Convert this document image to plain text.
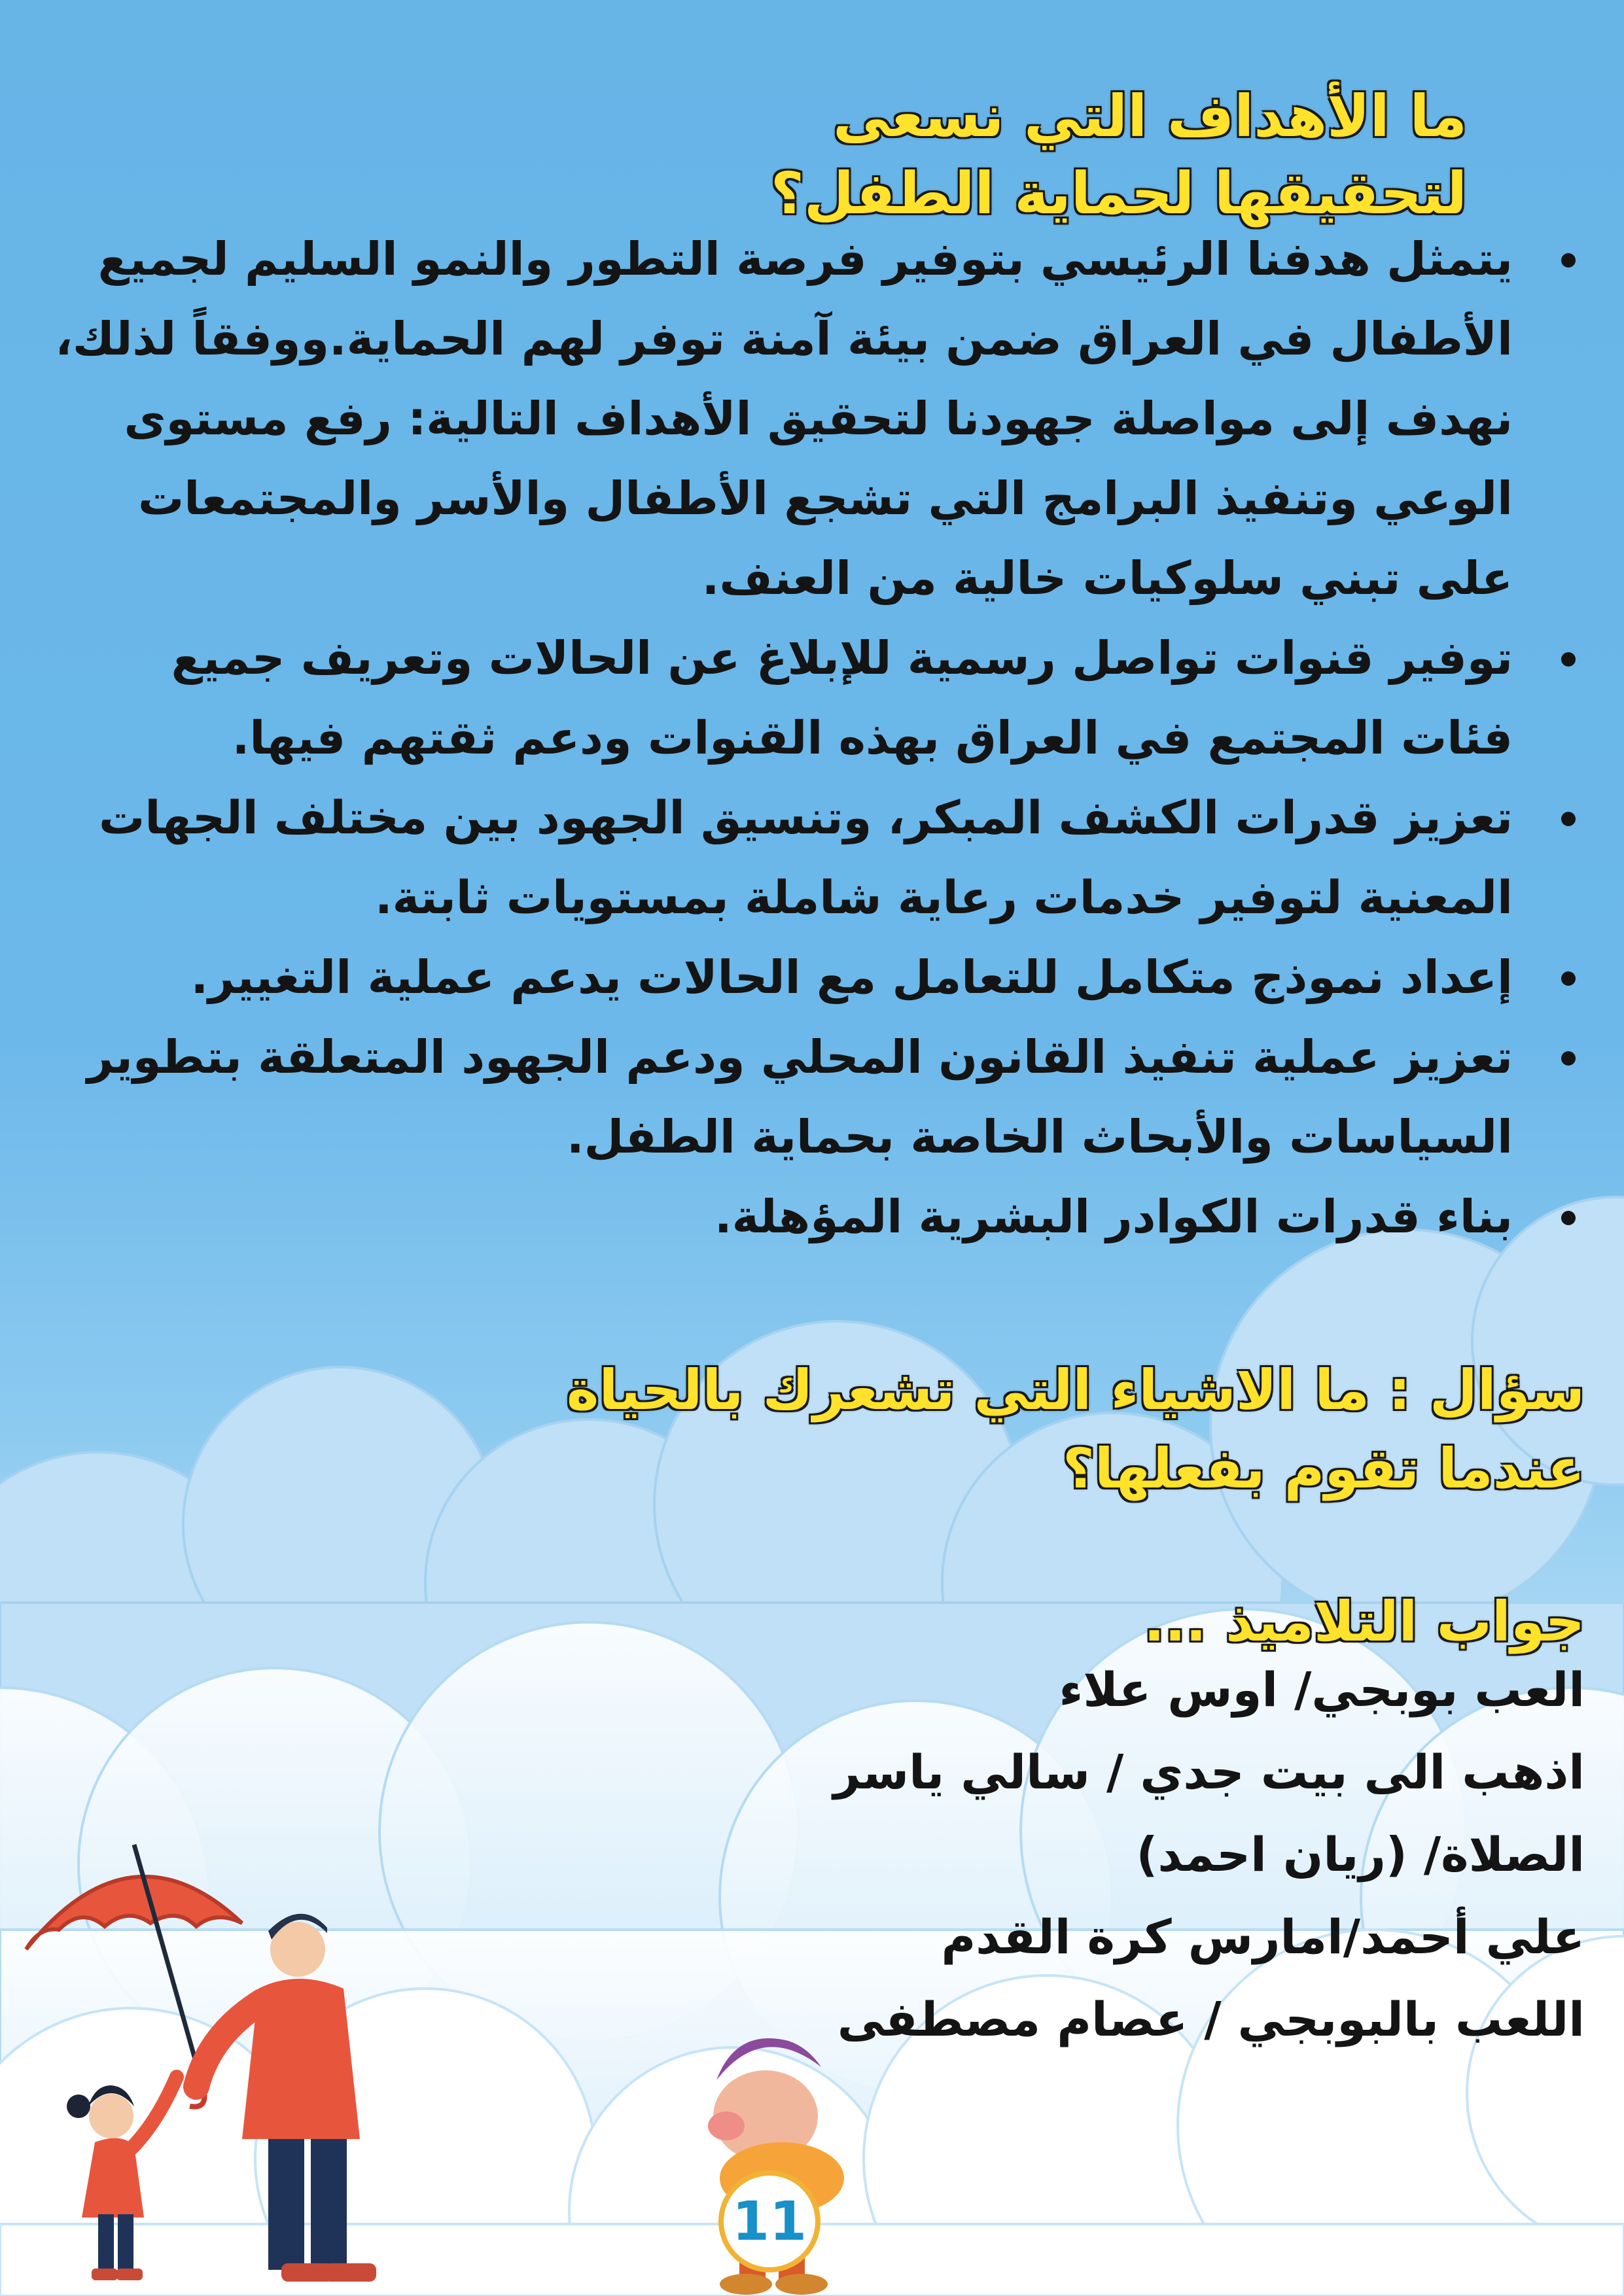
ما الأهداف التي نسعى
لتحقيقها لحماية الطفل؟
يتمثل هدفنا الرئيسي بتوفير فرصة التطور والنمو السليم لجميع الأطفال في العراق ضمن بيئة آمنة توفر لهم الحماية.ووفقاً لذلك، نهدف إلى مواصلة جهودنا لتحقيق الأهداف التالية: رفع مستوى الوعي وتنفيذ البرامج التي تشجع الأطفال والأسر والمجتمعات على تبني سلوكيات خالية من العنف.
توفير قنوات تواصل رسمية للإبلاغ عن الحالات وتعريف جميع فئات المجتمع في العراق بهذه القنوات ودعم ثقتهم فيها.
تعزيز قدرات الكشف المبكر، وتنسيق الجهود بين مختلف الجهات المعنية لتوفير خدمات رعاية شاملة بمستويات ثابتة.
إعداد نموذج متكامل للتعامل مع الحالات يدعم عملية التغيير.
تعزيز عملية تنفيذ القانون المحلي ودعم الجهود المتعلقة بتطوير السياسات والأبحاث الخاصة بحماية الطفل.
بناء قدرات الكوادر البشرية المؤهلة.
سؤال : ما الاشياء التي تشعرك بالحياة
عندما تقوم بفعلها؟
جواب التلاميذ ...
العب بوبجي/ اوس علاء
اذهب الى بيت جدي / سالي ياسر
الصلاة/ (ريان احمد)
علي أحمد/امارس كرة القدم
اللعب بالبوبجي / عصام مصطفى
11
